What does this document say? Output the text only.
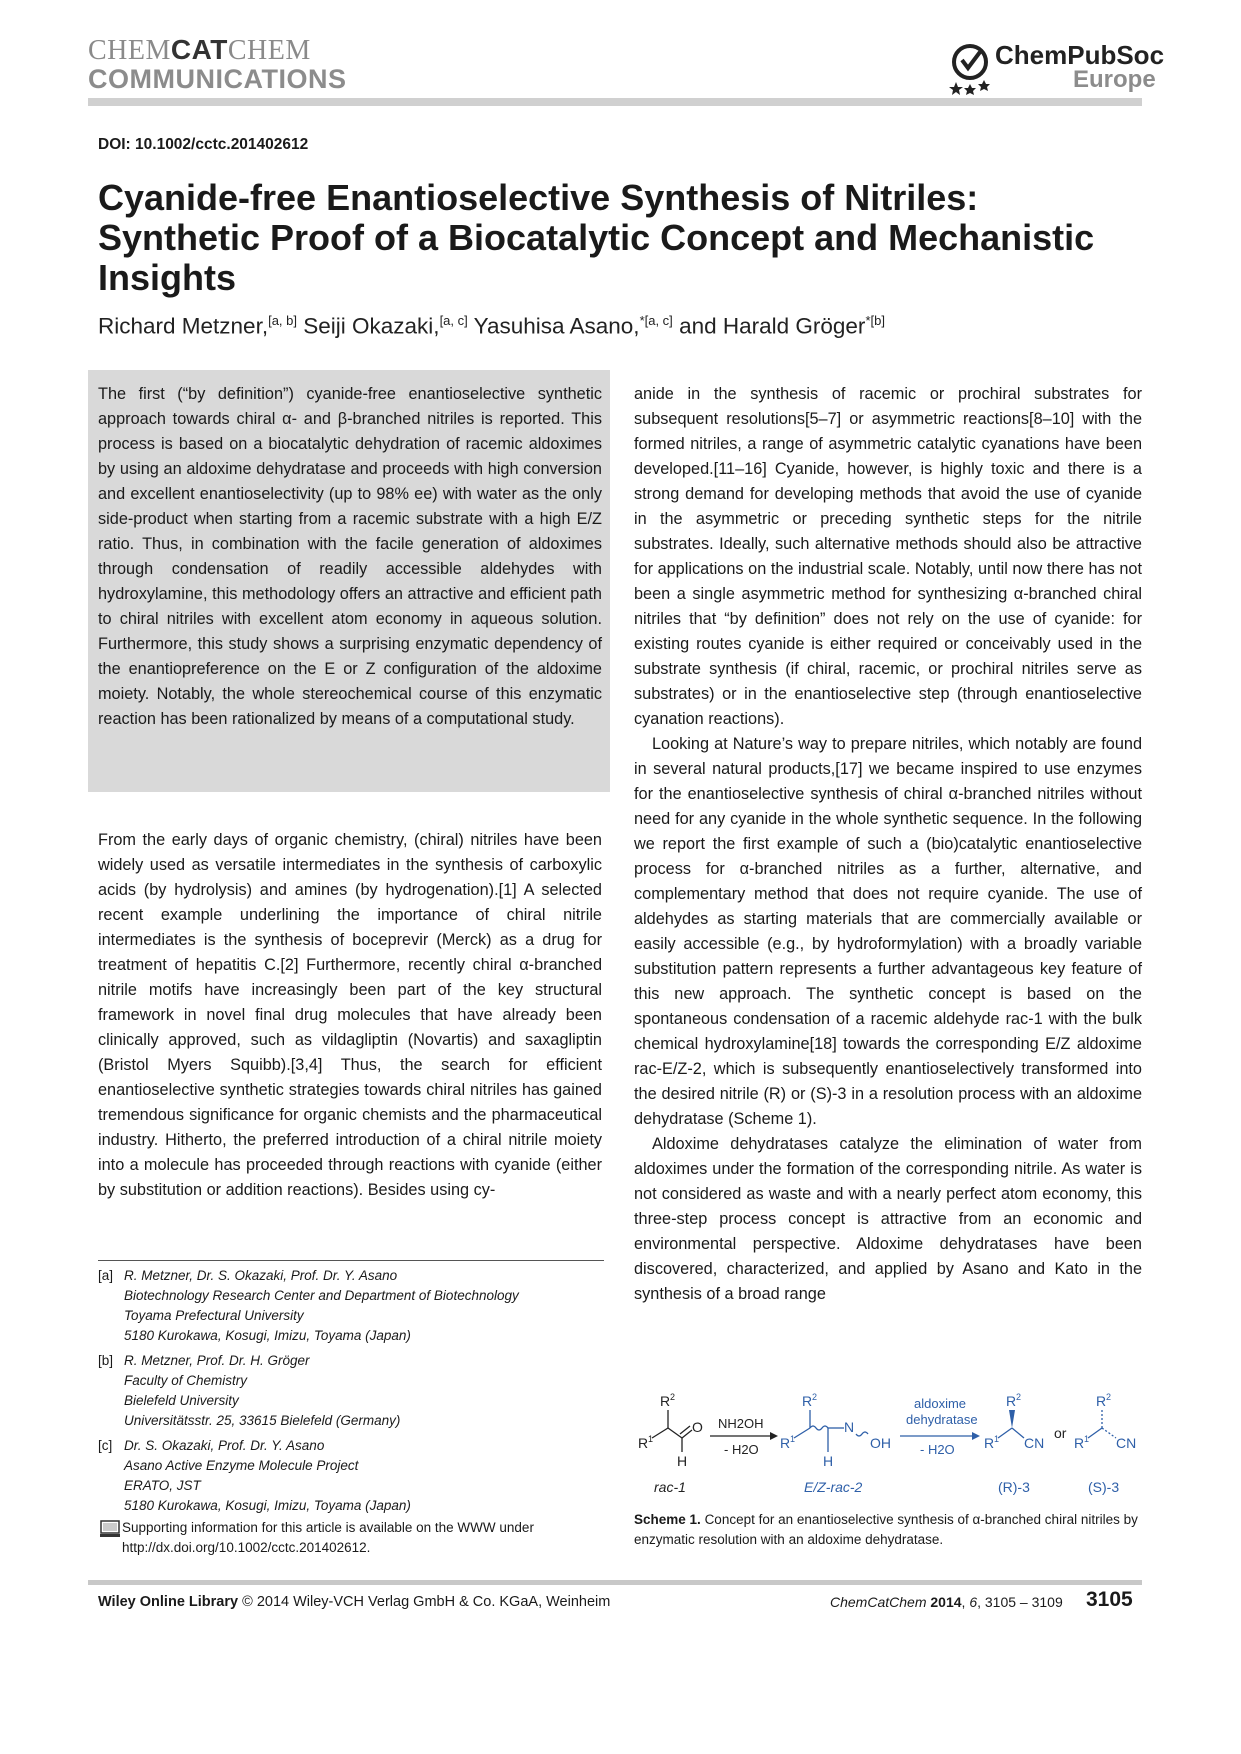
CHEMCATCHEM
COMMUNICATIONS
ChemPubSoc
Europe
DOI: 10.1002/cctc.201402612
Cyanide-free Enantioselective Synthesis of Nitriles: Synthetic Proof of a Biocatalytic Concept and Mechanistic Insights
Richard Metzner,[a, b] Seiji Okazaki,[a, c] Yasuhisa Asano,$^{*[a, c]}$ and Harald Gröger$^{*[b]}$
The first (“by definition”) cyanide-free enantioselective synthetic approach towards chiral α- and β-branched nitriles is reported. This process is based on a biocatalytic dehydration of racemic aldoximes by using an aldoxime dehydratase and proceeds with high conversion and excellent enantioselectivity (up to 98% ee) with water as the only side-product when starting from a racemic substrate with a high E/Z ratio. Thus, in combination with the facile generation of aldoximes through condensation of readily accessible aldehydes with hydroxylamine, this methodology offers an attractive and efficient path to chiral nitriles with excellent atom economy in aqueous solution. Furthermore, this study shows a surprising enzymatic dependency of the enantiopreference on the E or Z configuration of the aldoxime moiety. Notably, the whole stereochemical course of this enzymatic reaction has been rationalized by means of a computational study.

From the early days of organic chemistry, (chiral) nitriles have been widely used as versatile intermediates in the synthesis of carboxylic acids (by hydrolysis) and amines (by hydrogenation).[1] A selected recent example underlining the importance of chiral nitrile intermediates is the synthesis of boceprevir (Merck) as a drug for treatment of hepatitis C.[2] Furthermore, recently chiral α-branched nitrile motifs have increasingly been part of the key structural framework in novel final drug molecules that have already been clinically approved, such as vildagliptin (Novartis) and saxagliptin (Bristol Myers Squibb).[3,4] Thus, the search for efficient enantioselective synthetic strategies towards chiral nitriles has gained tremendous significance for organic chemists and the pharmaceutical industry. Hitherto, the preferred introduction of a chiral nitrile moiety into a molecule has proceeded through reactions with cyanide (either by substitution or addition reactions). Besides using cy-

anide in the synthesis of racemic or prochiral substrates for subsequent resolutions[5–7] or asymmetric reactions[8–10] with the formed nitriles, a range of asymmetric catalytic cyanations have been developed.[11–16] Cyanide, however, is highly toxic and there is a strong demand for developing methods that avoid the use of cyanide in the asymmetric or preceding synthetic steps for the nitrile substrates. Ideally, such alternative methods should also be attractive for applications on the industrial scale. Notably, until now there has not been a single asymmetric method for synthesizing α-branched chiral nitriles that “by definition” does not rely on the use of cyanide: for existing routes cyanide is either required or conceivably used in the substrate synthesis (if chiral, racemic, or prochiral nitriles serve as substrates) or in the enantioselective step (through enantioselective cyanation reactions).

Looking at Nature’s way to prepare nitriles, which notably are found in several natural products,[17] we became inspired to use enzymes for the enantioselective synthesis of chiral α-branched nitriles without need for any cyanide in the whole synthetic sequence. In the following we report the first example of such a (bio)catalytic enantioselective process for α-branched nitriles as a further, alternative, and complementary method that does not require cyanide. The use of aldehydes as starting materials that are commercially available or easily accessible (e.g., by hydroformylation) with a broadly variable substitution pattern represents a further advantageous key feature of this new approach. The synthetic concept is based on the spontaneous condensation of a racemic aldehyde rac-1 with the bulk chemical hydroxylamine[18] towards the corresponding E/Z aldoxime rac-E/Z-2, which is subsequently enantioselectively transformed into the desired nitrile (R) or (S)-3 in a resolution process with an aldoxime dehydratase (Scheme 1).

Aldoxime dehydratases catalyze the elimination of water from aldoximes under the formation of the corresponding nitrile. As water is not considered as waste and with a nearly perfect atom economy, this three-step process concept is attractive from an economic and environmental perspective. Aldoxime dehydratases have been discovered, characterized, and applied by Asano and Kato in the synthesis of a broad range

[a] R. Metzner, Dr. S. Okazaki, Prof. Dr. Y. Asano
Biotechnology Research Center and Department of Biotechnology
Toyama Prefectural University
5180 Kurokawa, Kosugi, Imizu, Toyama (Japan)
[b] R. Metzner, Prof. Dr. H. Gröger
Faculty of Chemistry
Bielefeld University
Universitätsstr. 25, 33615 Bielefeld (Germany)
[c] Dr. S. Okazaki, Prof. Dr. Y. Asano
Asano Active Enzyme Molecule Project
ERATO, JST
5180 Kurokawa, Kosugi, Imizu, Toyama (Japan)
Supporting information for this article is available on the WWW under http://dx.doi.org/10.1002/cctc.201402612.
R 2
R 1
O
H
NH2OH
- H2O
R 2
R 1
N
OH
H
aldoxime
dehydratase
- H2O
R 2
R 1 CN
or
R 2
R 1 CN
rac-1	E/Z-rac-2	(R)-3	(S)-3
Scheme 1. Concept for an enantioselective synthesis of α-branched chiral nitriles by enzymatic resolution with an aldoxime dehydratase.
Wiley Online Library © 2014 Wiley-VCH Verlag GmbH & Co. KGaA, Weinheim	ChemCatChem 2014, 6, 3105 – 3109 3105
